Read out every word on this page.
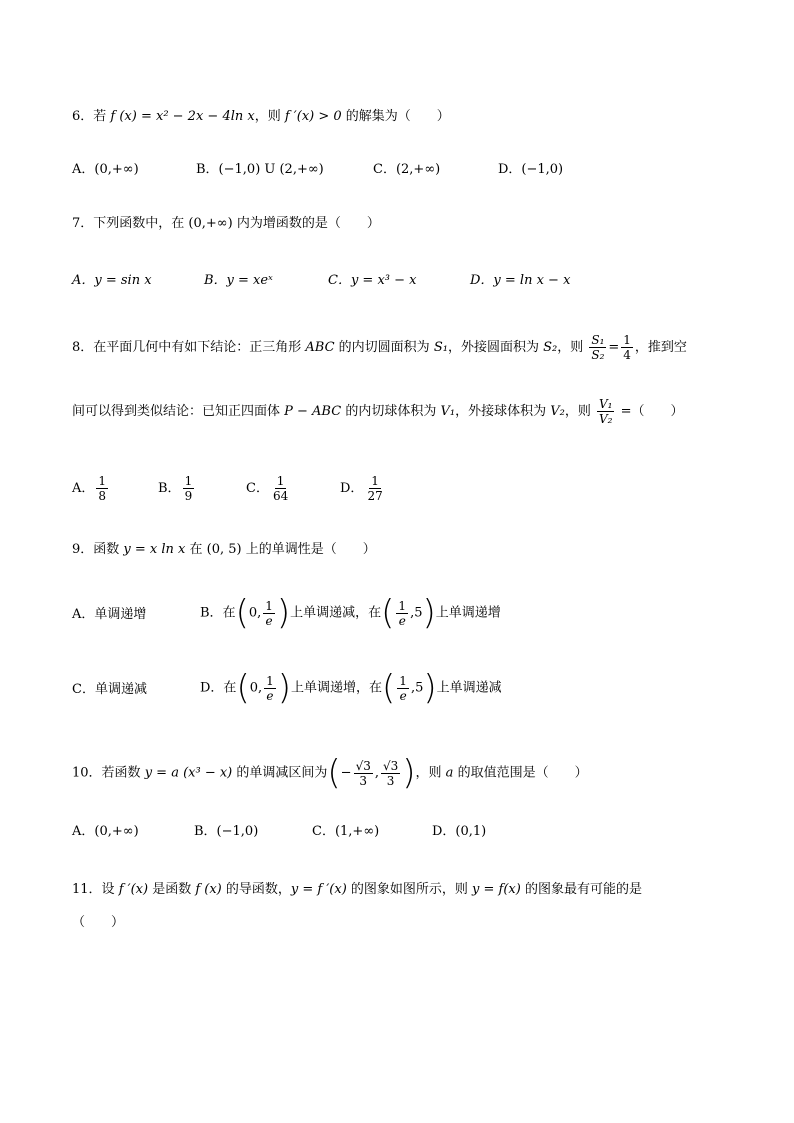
6．若 f (x) = x² − 2x − 4ln x，则 f ′(x) > 0 的解集为（　　）
A．(0,+∞)	B．(−1,0) U (2,+∞)	C．(2,+∞)	D．(−1,0)
7．下列函数中，在 (0,+∞) 内为增函数的是（　　）
A．y = sin x	B．y = xeˣ	C．y = x³ − x	D．y = ln x − x
8．在平面几何中有如下结论：正三角形 ABC 的内切圆面积为 S₁，外接圆面积为 S₂，则 $\frac{\text{S₁}}{\text{S₂}} = \frac{1}{4}$ ，推到空
间可以得到类似结论：已知正四面体 P − ABC 的内切球体积为 V₁，外接球体积为 V₂，则 $\frac{\text{V₁}}{\text{V₂}}$ =（　　）
A． $\frac{1}{8}$	B． $\frac{1}{9}$	C． $\frac{1}{64}$	D． $\frac{1}{27}$
9．函数 y = x ln x 在 (0, 5) 上的单调性是（　　）
A．单调递增	B．在(0, $\frac{1}{e}$ )上单调递减，在( $\frac{1}{e} ,5$)上单调递增
C．单调递减	D．在(0, $\frac{1}{e}$ )上单调递增，在( $\frac{1}{e} ,5$)上单调递减
10．若函数 y = a (x³ − x) 的单调减区间为(− $\frac{√3}{3}$ , $\frac{√3}{3}$ )，则 a 的取值范围是（　　）
A．(0,+∞)	B．(−1,0)	C．(1,+∞)	D．(0,1)
11．设 f ′(x) 是函数 f (x) 的导函数，y = f ′(x) 的图象如图所示，则 y = f(x) 的图象最有可能的是
（　　）
